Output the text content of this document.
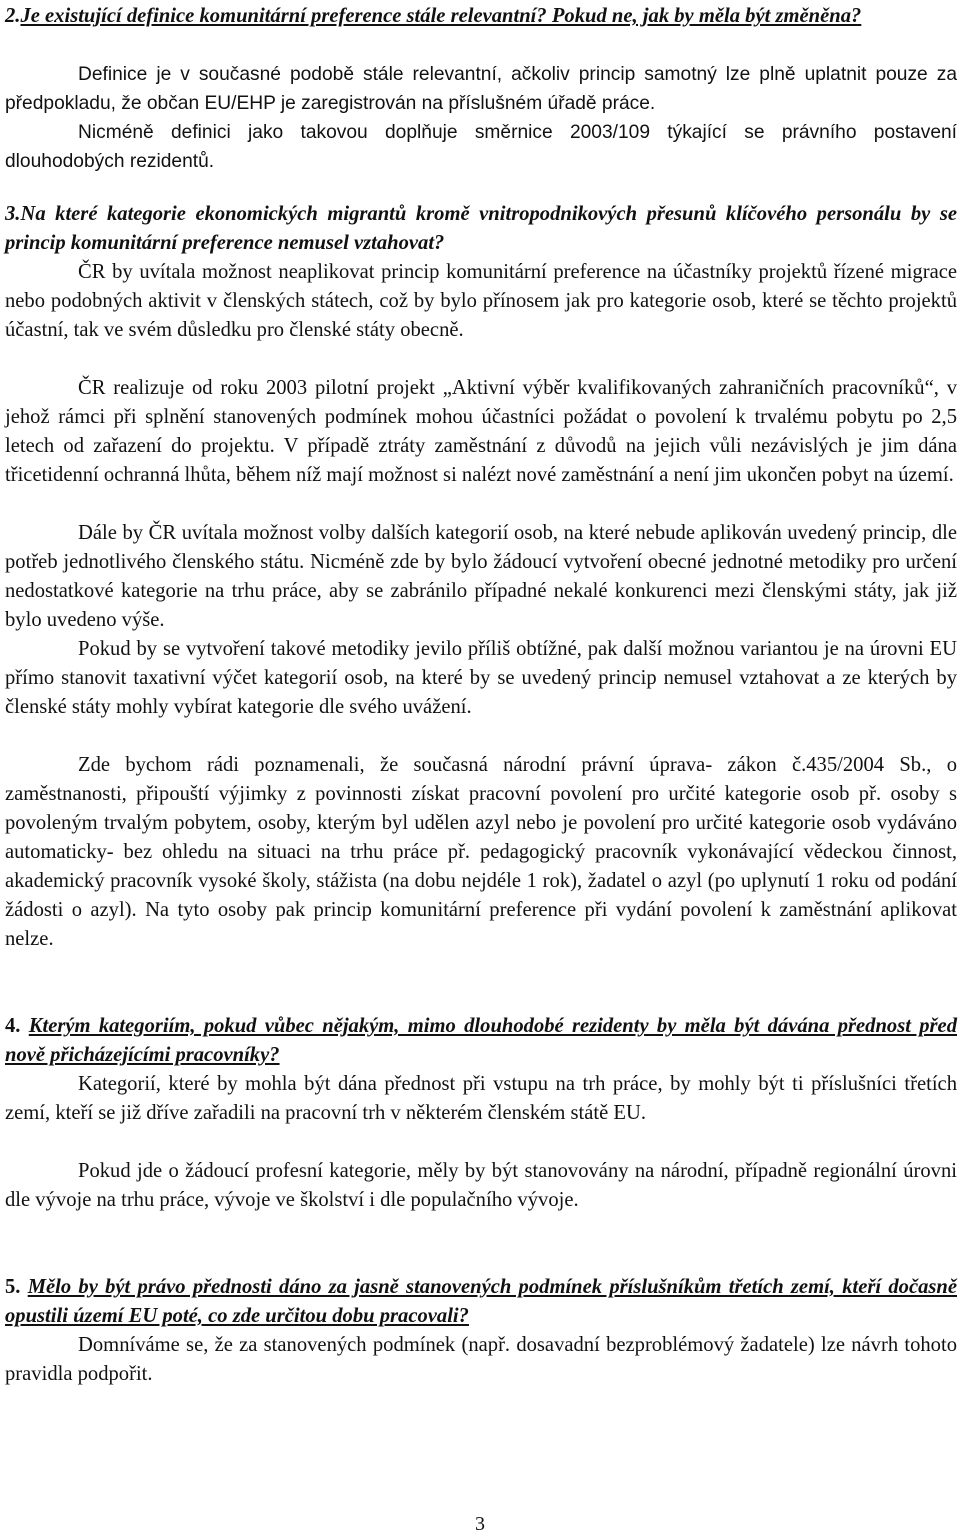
2.Je existující definice komunitární preference stále relevantní? Pokud ne, jak by měla být změněna?

Definice je v současné podobě stále relevantní, ačkoliv princip samotný lze plně uplatnit pouze za předpokladu, že občan EU/EHP je zaregistrován na příslušném úřadě práce.

Nicméně definici jako takovou doplňuje směrnice 2003/109 týkající se právního postavení dlouhodobých rezidentů.

3.Na které kategorie ekonomických migrantů kromě vnitropodnikových přesunů klíčového personálu by se princip komunitární preference nemusel vztahovat?

ČR by uvítala možnost neaplikovat princip komunitární preference na účastníky projektů řízené migrace nebo podobných aktivit v členských státech, což by bylo přínosem jak pro kategorie osob, které se těchto projektů účastní, tak ve svém důsledku pro členské státy obecně.

ČR realizuje od roku 2003 pilotní projekt „Aktivní výběr kvalifikovaných zahraničních pracovníků“, v jehož rámci při splnění stanovených podmínek mohou účastníci požádat o povolení k trvalému pobytu po 2,5 letech od zařazení do projektu. V případě ztráty zaměstnání z důvodů na jejich vůli nezávislých je jim dána třicetidenní ochranná lhůta, během níž mají možnost si nalézt nové zaměstnání a není jim ukončen pobyt na území.

Dále by ČR uvítala možnost volby dalších kategorií osob, na které nebude aplikován uvedený princip, dle potřeb jednotlivého členského státu. Nicméně zde by bylo žádoucí vytvoření obecné jednotné metodiky pro určení nedostatkové kategorie na trhu práce, aby se zabránilo případné nekalé konkurenci mezi členskými státy, jak již bylo uvedeno výše.

Pokud by se vytvoření takové metodiky jevilo příliš obtížné, pak další možnou variantou je na úrovni EU přímo stanovit taxativní výčet kategorií osob, na které by se uvedený princip nemusel vztahovat a ze kterých by členské státy mohly vybírat kategorie dle svého uvážení.

Zde bychom rádi poznamenali, že současná národní právní úprava- zákon č.435/2004 Sb., o zaměstnanosti, připouští výjimky z povinnosti získat pracovní povolení pro určité kategorie osob př. osoby s povoleným trvalým pobytem, osoby, kterým byl udělen azyl nebo je povolení pro určité kategorie osob vydáváno automaticky- bez ohledu na situaci na trhu práce př. pedagogický pracovník vykonávající vědeckou činnost, akademický pracovník vysoké školy, stážista (na dobu nejdéle 1 rok), žadatel o azyl (po uplynutí 1 roku od podání žádosti o azyl). Na tyto osoby pak princip komunitární preference při vydání povolení k zaměstnání aplikovat nelze.

4. Kterým kategoriím, pokud vůbec nějakým, mimo dlouhodobé rezidenty by měla být dávána přednost před nově přicházejícími pracovníky?

Kategorií, které by mohla být dána přednost při vstupu na trh práce, by mohly být ti příslušníci třetích zemí, kteří se již dříve zařadili na pracovní trh v některém členském státě EU.

Pokud jde o žádoucí profesní kategorie, měly by být stanovovány na národní, případně regionální úrovni dle vývoje na trhu práce, vývoje ve školství i dle populačního vývoje.

5. Mělo by být právo přednosti dáno za jasně stanovených podmínek příslušníkům třetích zemí, kteří dočasně opustili území EU poté, co zde určitou dobu pracovali?

Domníváme se, že za stanovených podmínek (např. dosavadní bezproblémový žadatele) lze návrh tohoto pravidla podpořit.

3
